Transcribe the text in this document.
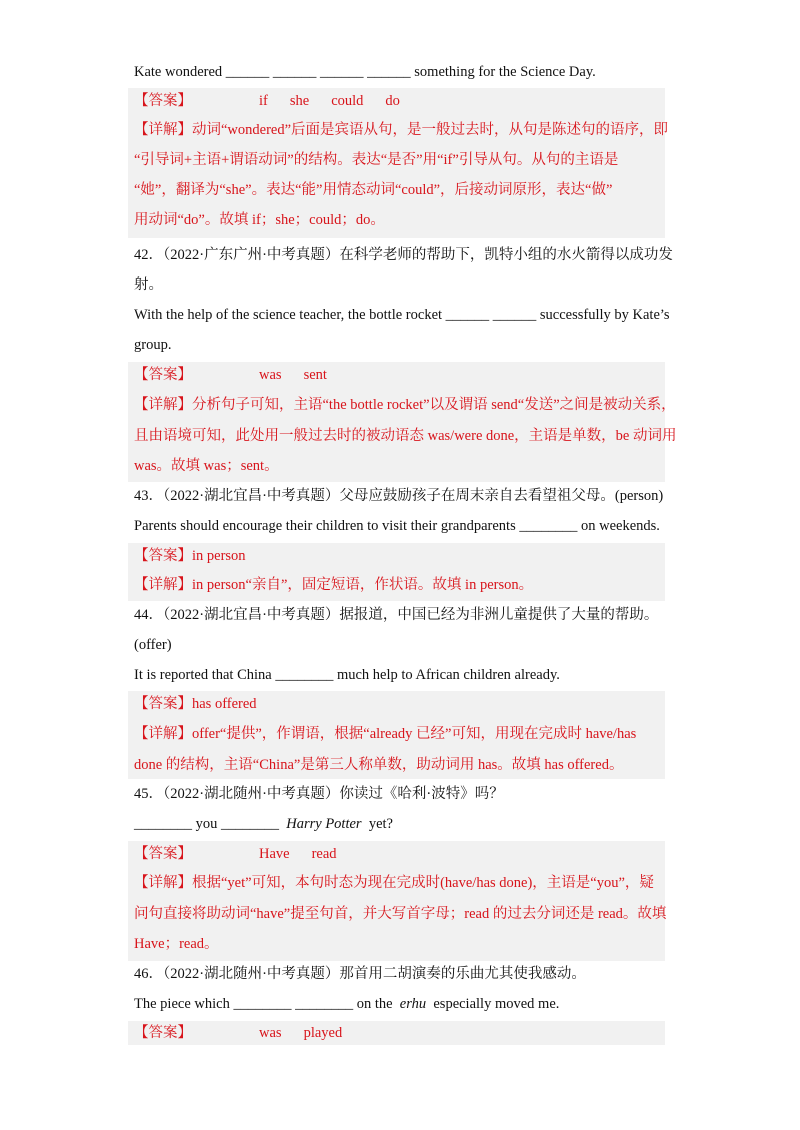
Kate wondered ______ ______ ______ ______ something for the Science Day.
【答案】	if she could do
【详解】动词“wondered”后面是宾语从句，是一般过去时，从句是陈述句的语序，即
“引导词+主语+谓语动词”的结构。表达“是否”用“if”引导从句。从句的主语是
“她”，翻译为“she”。表达“能”用情态动词“could”，后接动词原形，表达“做”
用动词“do”。故填 if；she；could；do。
42．（2022·广东广州·中考真题）在科学老师的帮助下，凯特小组的水火箭得以成功发
射。
With the help of the science teacher, the bottle rocket ______ ______ successfully by Kate’s
group.
【答案】	was sent
【详解】分析句子可知，主语“the bottle rocket”以及谓语 send“发送”之间是被动关系，
且由语境可知，此处用一般过去时的被动语态 was/were done，主语是单数，be 动词用
was。故填 was；sent。
43．（2022·湖北宜昌·中考真题）父母应鼓励孩子在周末亲自去看望祖父母。(person)
Parents should encourage their children to visit their grandparents ________ on weekends.
【答案】in person
【详解】in person“亲自”，固定短语，作状语。故填 in person。
44．（2022·湖北宜昌·中考真题）据报道，中国已经为非洲儿童提供了大量的帮助。
(offer)
It is reported that China ________ much help to African children already.
【答案】has offered
【详解】offer“提供”，作谓语，根据“already 已经”可知，用现在完成时 have/has
done 的结构，主语“China”是第三人称单数，助动词用 has。故填 has offered。
45．（2022·湖北随州·中考真题）你读过《哈利·波特》吗？
________ you ________ Harry Potter yet?
【答案】	Have read
【详解】根据“yet”可知，本句时态为现在完成时(have/has done)，主语是“you”，疑
问句直接将助动词“have”提至句首，并大写首字母；read 的过去分词还是 read。故填
Have；read。
46．（2022·湖北随州·中考真题）那首用二胡演奏的乐曲尤其使我感动。
The piece which ________ ________ on the erhu especially moved me.
【答案】	was played
